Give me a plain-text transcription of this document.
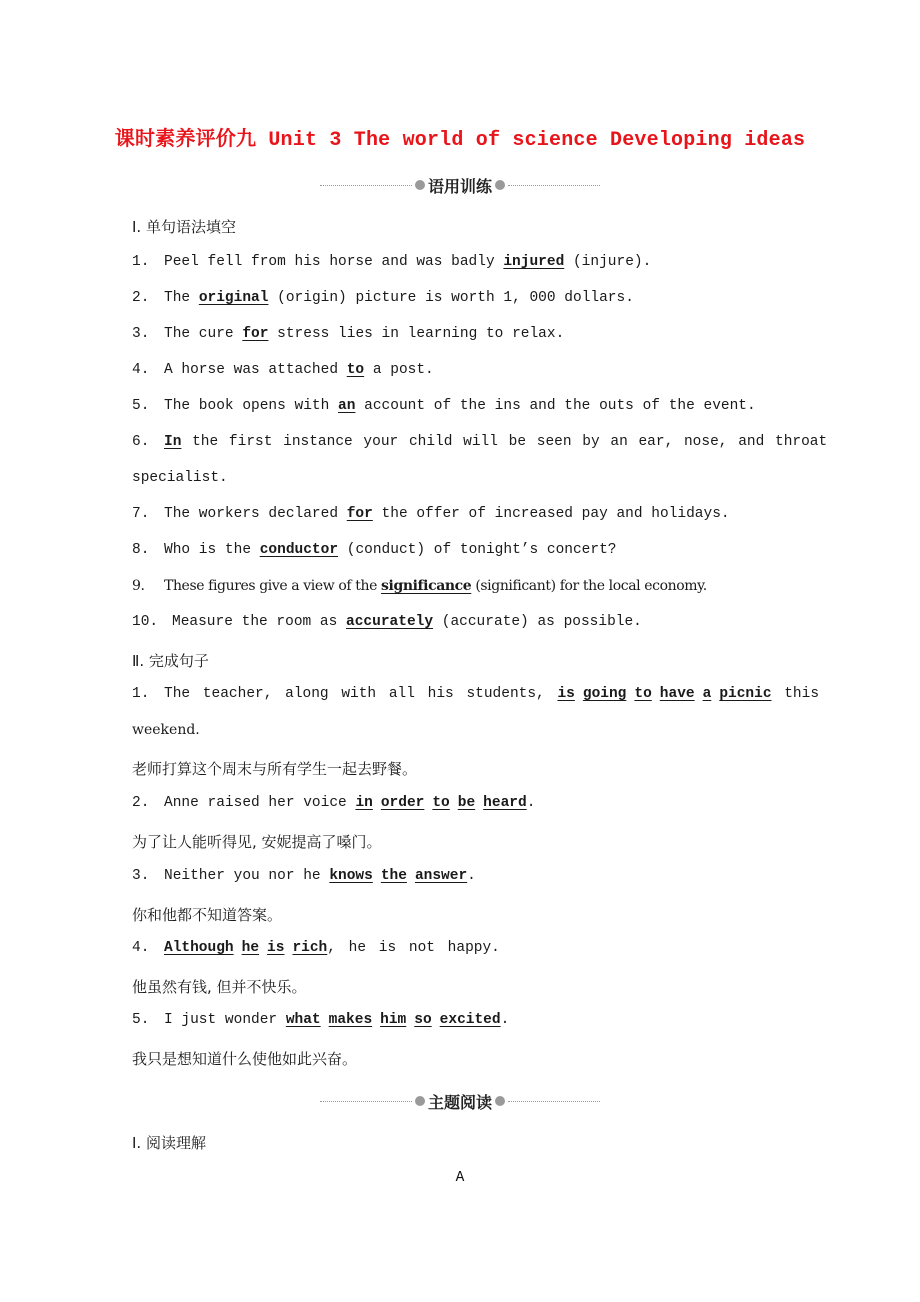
课时素养评价九 Unit 3 The world of science Developing ideas
语用训练
Ⅰ. 单句语法填空
1. Peel fell from his horse and was badly injured (injure).
2. The original (origin) picture is worth 1, 000 dollars.
3. The cure for stress lies in learning to relax.
4. A horse was attached to a post.
5. The book opens with an account of the ins and the outs of the event.
6. In the first instance your child will be seen by an ear, nose, and throat
specialist.
7. The workers declared for the offer of increased pay and holidays.
8. Who is the conductor (conduct) of tonight’s concert?
9. These figures give a view of the significance (significant) for the local economy.
10. Measure the room as accurately (accurate) as possible.
Ⅱ. 完成句子
1. The teacher, along with all his students, is going to have a picnic this
weekend.
老师打算这个周末与所有学生一起去野餐。
2. Anne raised her voice in order to be heard.
为了让人能听得见, 安妮提高了嗓门。
3. Neither you nor he knows the answer.
你和他都不知道答案。
4. Although he is rich, he is not happy.
他虽然有钱, 但并不快乐。
5. I just wonder what makes him so excited.
我只是想知道什么使他如此兴奋。
主题阅读
Ⅰ. 阅读理解
A
